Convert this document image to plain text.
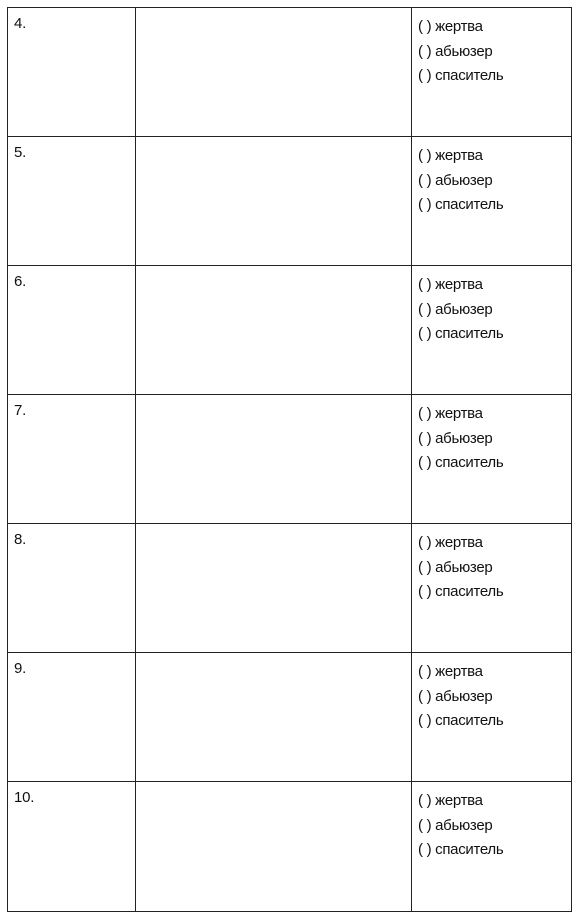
4.		( ) жертва
( ) абьюзер
( ) спаситель

5.		( ) жертва
( ) абьюзер
( ) спаситель

6.		( ) жертва
( ) абьюзер
( ) спаситель

7.		( ) жертва
( ) абьюзер
( ) спаситель

8.		( ) жертва
( ) абьюзер
( ) спаситель

9.		( ) жертва
( ) абьюзер
( ) спаситель

10.		( ) жертва
( ) абьюзер
( ) спаситель
